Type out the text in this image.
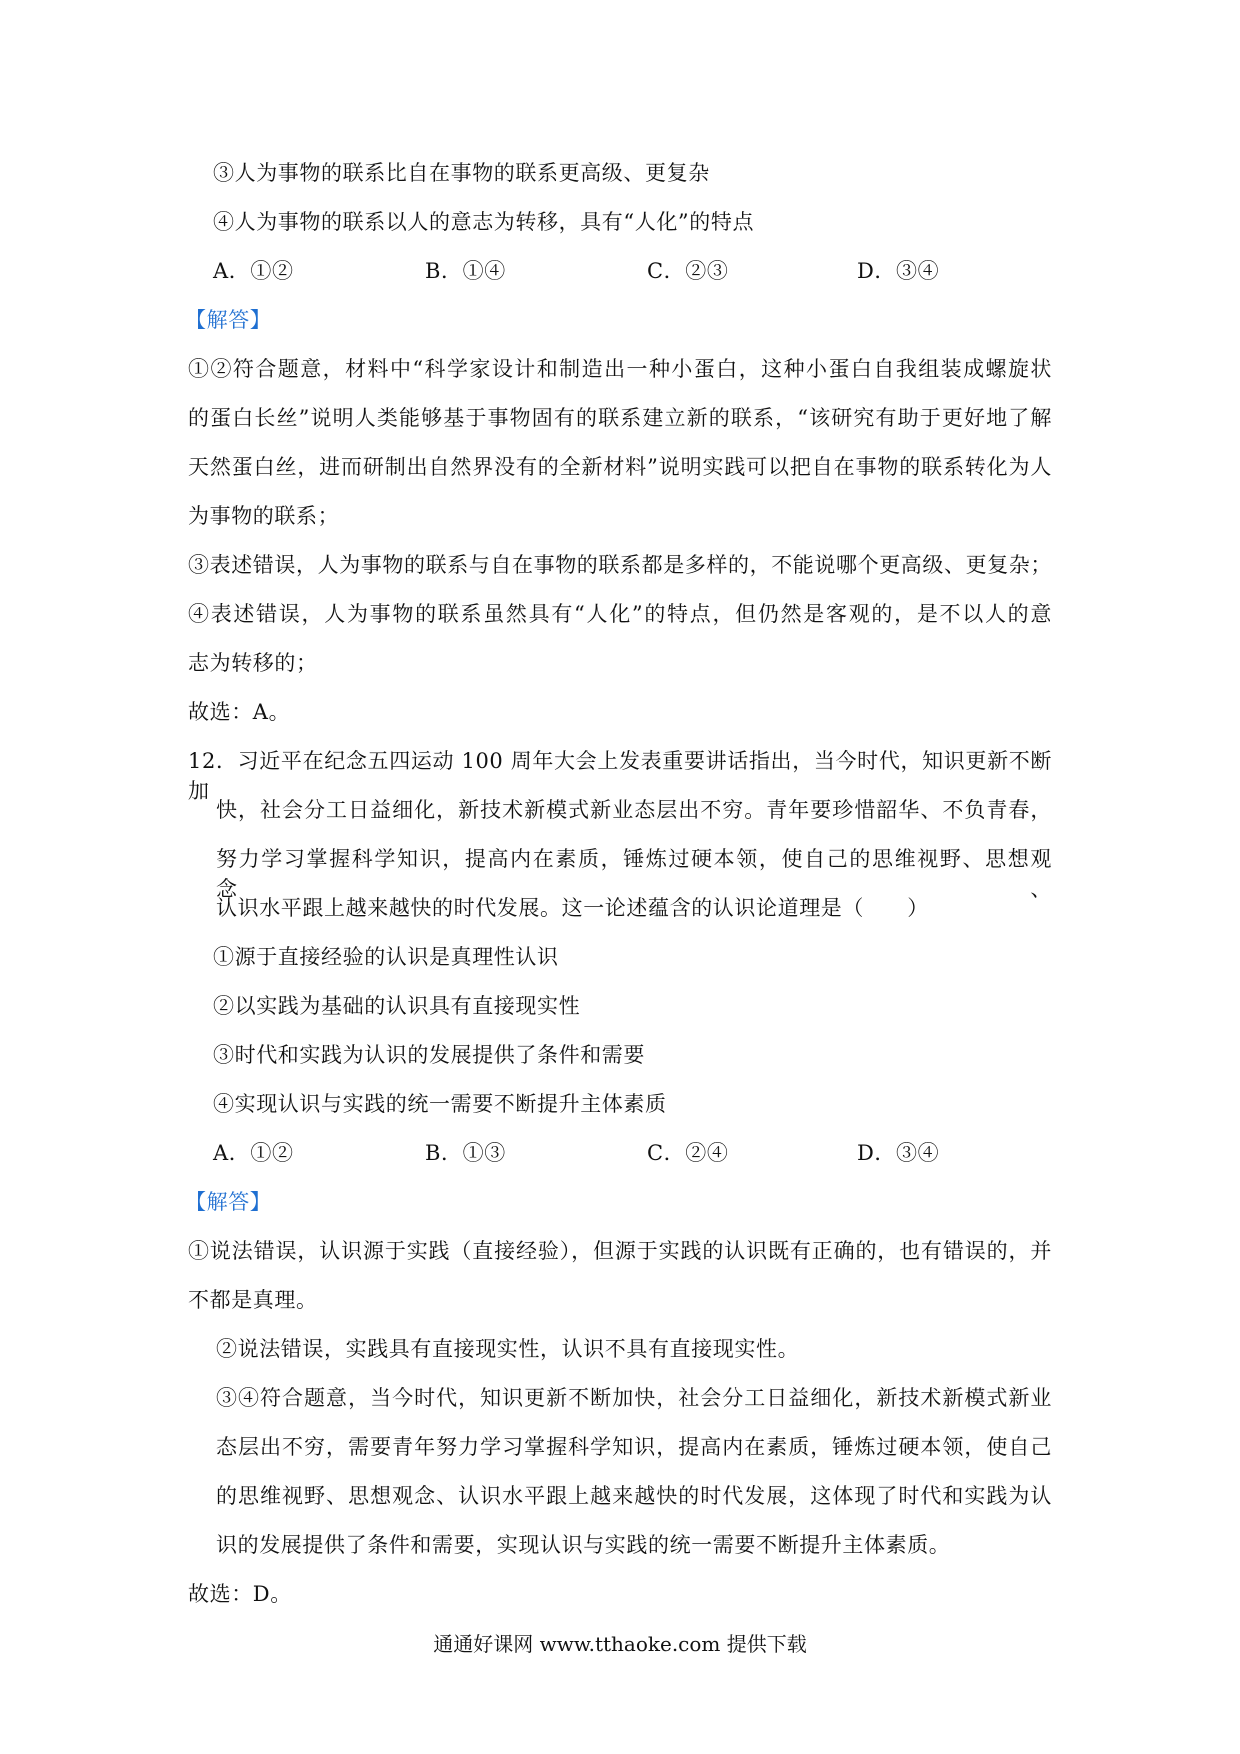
③人为事物的联系比自在事物的联系更高级、更复杂
④人为事物的联系以人的意志为转移，具有“人化”的特点
A．①②	B．①④	C．②③	D．③④
【解答】
①②符合题意，材料中“科学家设计和制造出一种小蛋白，这种小蛋白自我组装成螺旋状
的蛋白长丝”说明人类能够基于事物固有的联系建立新的联系，“该研究有助于更好地了解
天然蛋白丝，进而研制出自然界没有的全新材料”说明实践可以把自在事物的联系转化为人
为事物的联系；
③表述错误，人为事物的联系与自在事物的联系都是多样的，不能说哪个更高级、更复杂；
④表述错误，人为事物的联系虽然具有“人化”的特点，但仍然是客观的，是不以人的意
志为转移的；
故选：A。
12．习近平在纪念五四运动 100 周年大会上发表重要讲话指出，当今时代，知识更新不断加
快，社会分工日益细化，新技术新模式新业态层出不穷。青年要珍惜韶华、不负青春，
努力学习掌握科学知识，提高内在素质，锤炼过硬本领，使自己的思维视野、思想观念、
认识水平跟上越来越快的时代发展。这一论述蕴含的认识论道理是（　　）
①源于直接经验的认识是真理性认识
②以实践为基础的认识具有直接现实性
③时代和实践为认识的发展提供了条件和需要
④实现认识与实践的统一需要不断提升主体素质
A．①②	B．①③	C．②④	D．③④
【解答】
①说法错误，认识源于实践（直接经验），但源于实践的认识既有正确的，也有错误的，并
不都是真理。
②说法错误，实践具有直接现实性，认识不具有直接现实性。
③④符合题意，当今时代，知识更新不断加快，社会分工日益细化，新技术新模式新业
态层出不穷，需要青年努力学习掌握科学知识，提高内在素质，锤炼过硬本领，使自己
的思维视野、思想观念、认识水平跟上越来越快的时代发展，这体现了时代和实践为认
识的发展提供了条件和需要，实现认识与实践的统一需要不断提升主体素质。
故选：D。
通通好课网 www.tthaoke.com 提供下载
